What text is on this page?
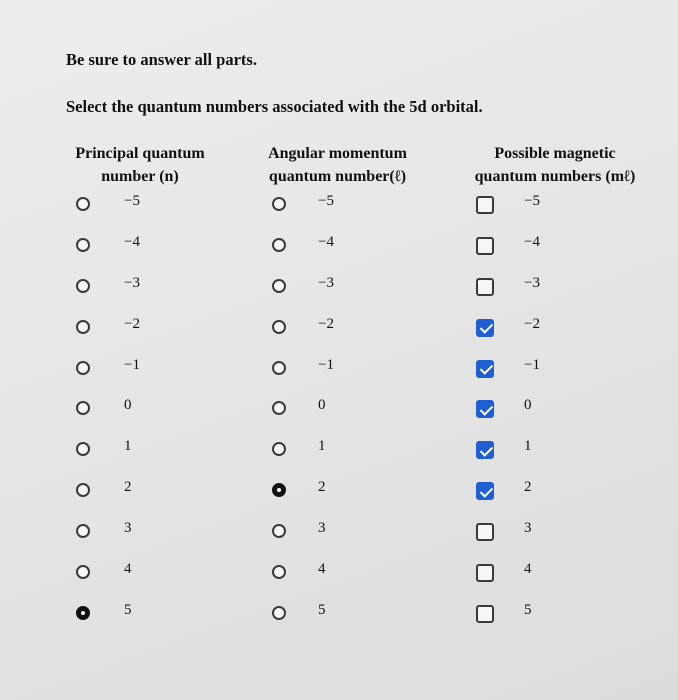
Be sure to answer all parts.
Select the quantum numbers associated with the 5d orbital.
Principal quantum
number (n)
Angular momentum
quantum number(ℓ)
Possible magnetic
quantum numbers (mℓ)
−5
−4
−3
−2
−1
0
1
2
3
4
5
−5
−4
−3
−2
−1
0
1
2
3
4
5
−5
−4
−3
−2
−1
0
1
2
3
4
5
